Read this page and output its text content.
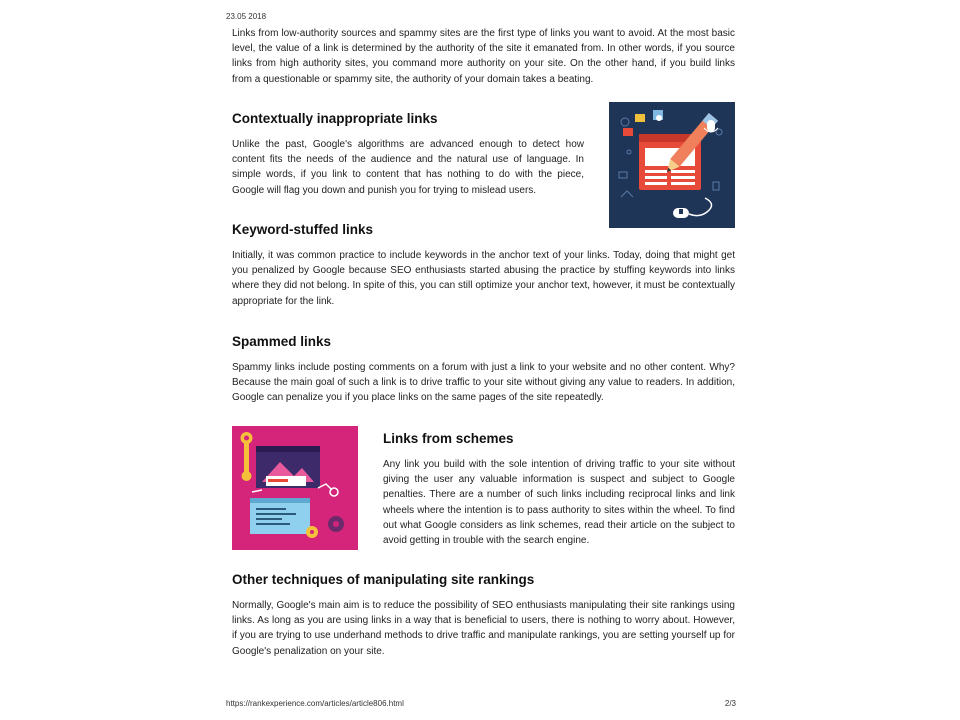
23.05 2018

Links from low-authority sources and spammy sites are the first type of links you want to avoid. At the most basic level, the value of a link is determined by the authority of the site it emanated from. In other words, if you source links from high authority sites, you command more authority on your site. On the other hand, if you build links from a questionable or spammy site, the authority of your domain takes a beating.

Contextually inappropriate links

Unlike the past, Google's algorithms are advanced enough to detect how content fits the needs of the audience and the natural use of language. In simple words, if you link to content that has nothing to do with the piece, Google will flag you down and punish you for trying to mislead users.

Keyword-stuffed links

Initially, it was common practice to include keywords in the anchor text of your links. Today, doing that might get you penalized by Google because SEO enthusiasts started abusing the practice by stuffing keywords into links where they did not belong. In spite of this, you can still optimize your anchor text, however, it must be contextually appropriate for the link.

Spammed links

Spammy links include posting comments on a forum with just a link to your website and no other content. Why? Because the main goal of such a link is to drive traffic to your site without giving any value to readers. In addition, Google can penalize you if you place links on the same pages of the site repeatedly.

Links from schemes

Any link you build with the sole intention of driving traffic to your site without giving the user any valuable information is suspect and subject to Google penalties. There are a number of such links including reciprocal links and link wheels where the intention is to pass authority to sites within the wheel. To find out what Google considers as link schemes, read their article on the subject to avoid getting in trouble with the search engine.

Other techniques of manipulating site rankings

Normally, Google's main aim is to reduce the possibility of SEO enthusiasts manipulating their site rankings using links. As long as you are using links in a way that is beneficial to users, there is nothing to worry about. However, if you are trying to use underhand methods to drive traffic and manipulate rankings, you are setting yourself up for Google's penalization on your site.

https://rankexperience.com/articles/article806.html	2/3
